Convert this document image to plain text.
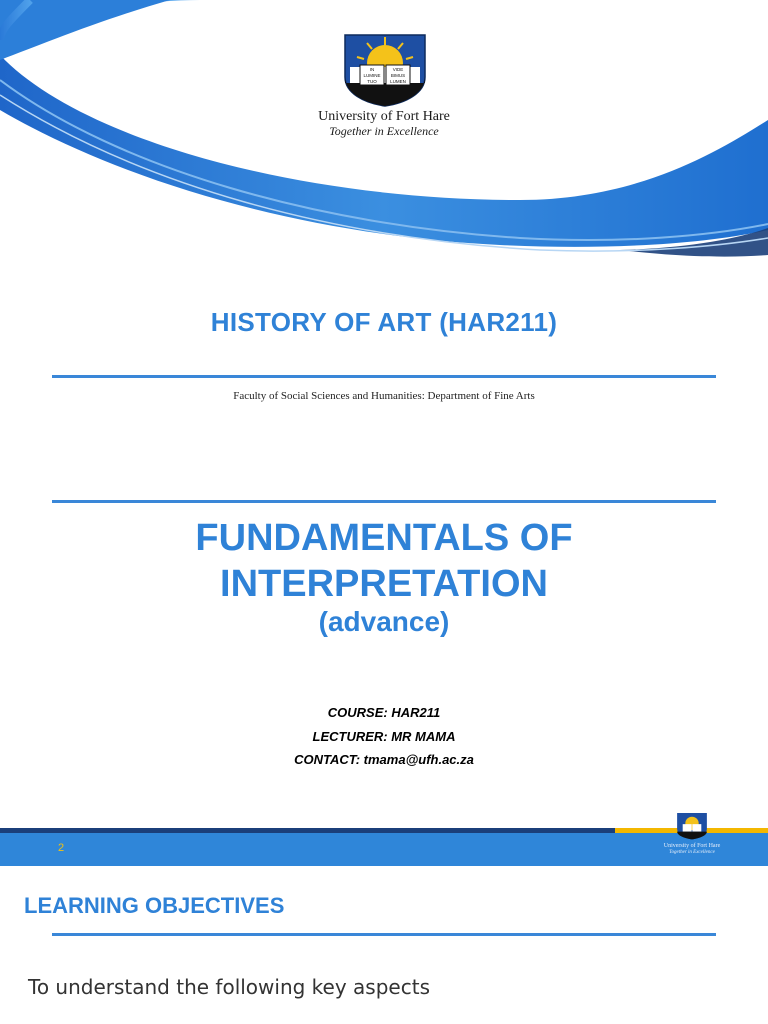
IN
LUMINE
TUO
VIDE
BIMUS
LUMEN
University of Fort Hare
Together in Excellence
HISTORY OF ART (HAR211)
Faculty of Social Sciences and Humanities: Department of Fine Arts
FUNDAMENTALS OF
INTERPRETATION
(advance)
COURSE: HAR211
LECTURER: MR MAMA
CONTACT: tmama@ufh.ac.za
2	University of Fort Hare
Together in Excellence
LEARNING OBJECTIVES
To understand the following key aspects
